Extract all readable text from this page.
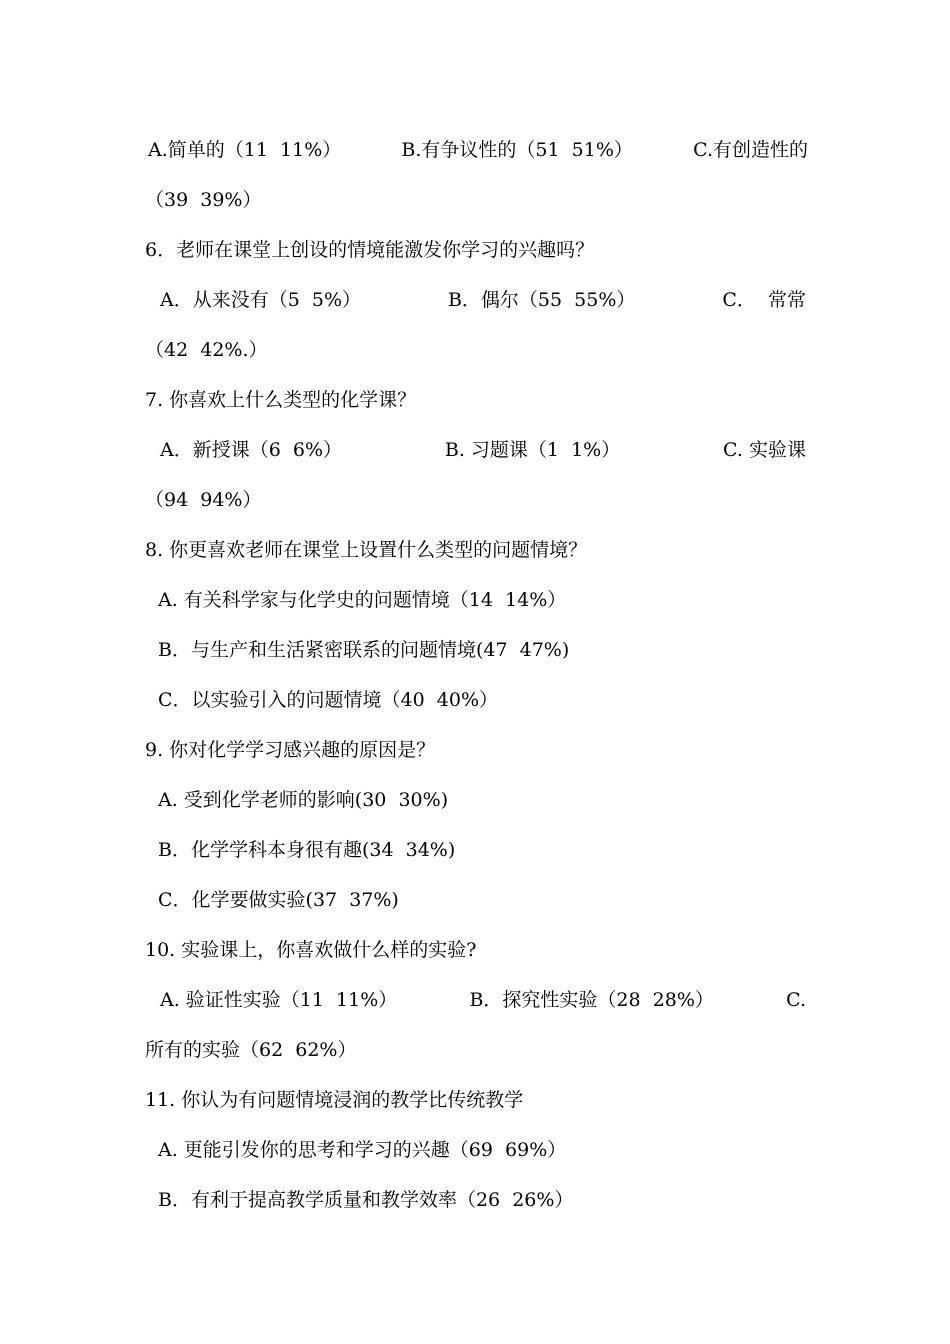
A.简单的（11  11%）	B.有争议性的（51  51%）	C.有创造性的
（39  39%）
6．老师在课堂上创设的情境能激发你学习的兴趣吗？
A．从来没有（5  5%）	B．偶尔（55  55%）	C．  常常
（42  42%.）
7. 你喜欢上什么类型的化学课？
A．新授课（6  6%）	B. 习题课（1  1%）	C. 实验课
（94  94%）
8. 你更喜欢老师在课堂上设置什么类型的问题情境？
A. 有关科学家与化学史的问题情境（14  14%）
B．与生产和生活紧密联系的问题情境(47  47%)
C．以实验引入的问题情境（40  40%）
9. 你对化学学习感兴趣的原因是？
A. 受到化学老师的影响(30  30%)
B．化学学科本身很有趣(34  34%)
C．化学要做实验(37  37%)
10. 实验课上，你喜欢做什么样的实验?
A. 验证性实验（11  11%）	B．探究性实验（28  28%）	C.
所有的实验（62  62%）
11. 你认为有问题情境浸润的教学比传统教学
A. 更能引发你的思考和学习的兴趣（69  69%）
B．有利于提高教学质量和教学效率（26  26%）
